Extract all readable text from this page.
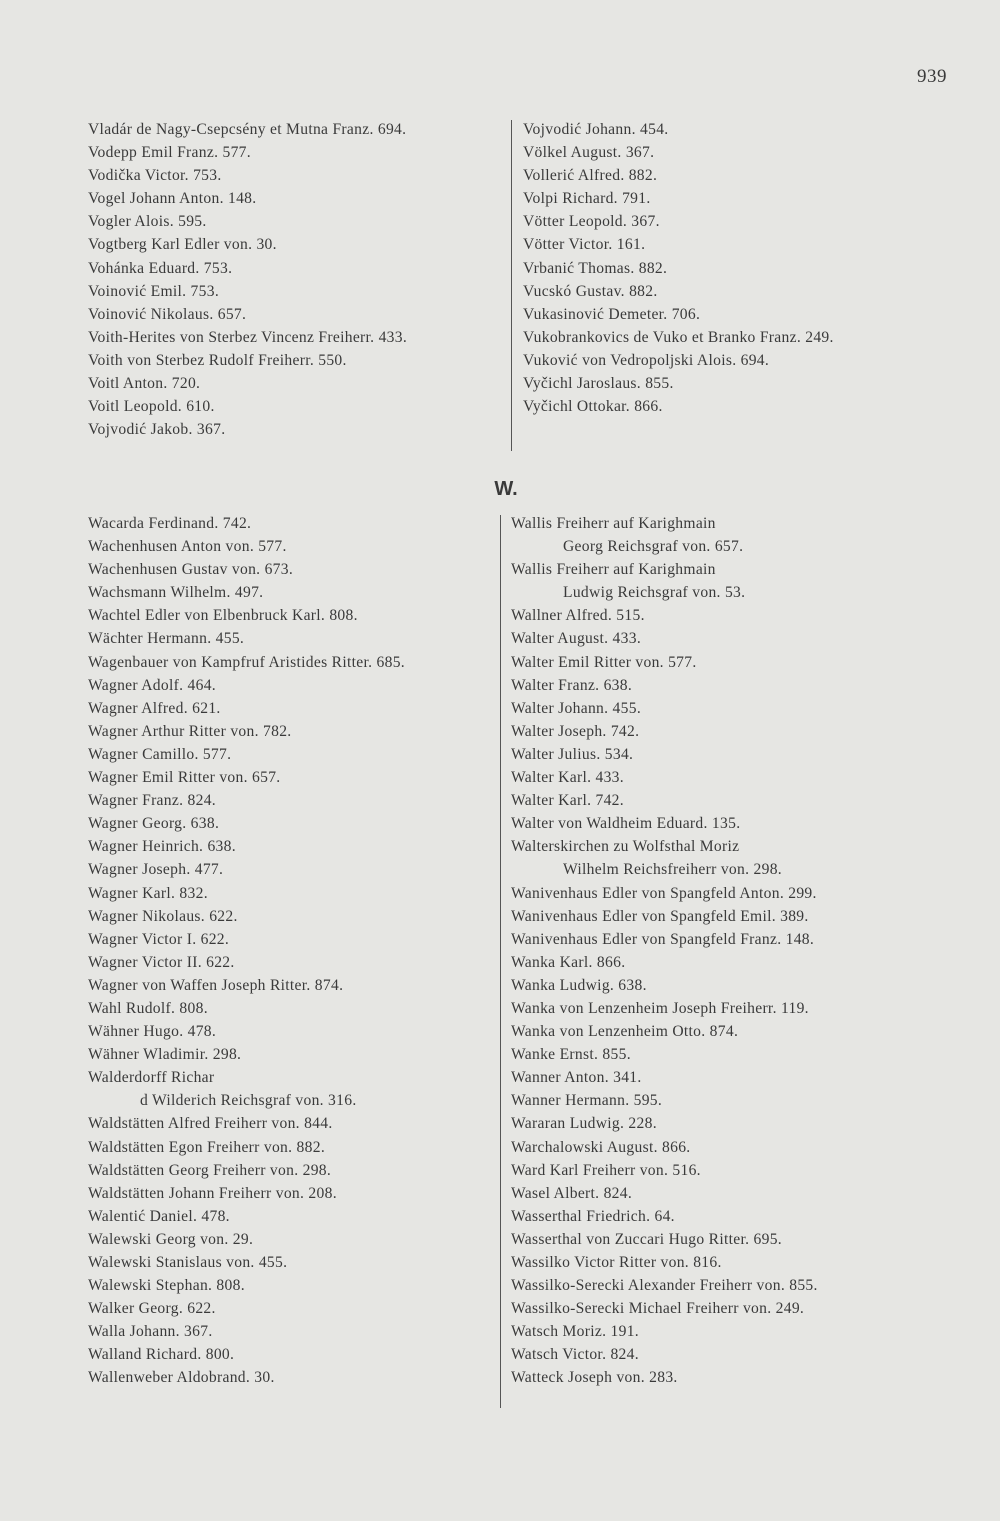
939
Vladár de Nagy-Csepcsény et Mutna Franz. 694.
Vodepp Emil Franz. 577.
Vodička Victor. 753.
Vogel Johann Anton. 148.
Vogler Alois. 595.
Vogtberg Karl Edler von. 30.
Vohánka Eduard. 753.
Voinović Emil. 753.
Voinović Nikolaus. 657.
Voith-Herites von Sterbez Vincenz Freiherr. 433.
Voith von Sterbez Rudolf Freiherr. 550.
Voitl Anton. 720.
Voitl Leopold. 610.
Vojvodić Jakob. 367.
Vojvodić Johann. 454.
Völkel August. 367.
Vollerić Alfred. 882.
Volpi Richard. 791.
Vötter Leopold. 367.
Vötter Victor. 161.
Vrbanić Thomas. 882.
Vucskó Gustav. 882.
Vukasinović Demeter. 706.
Vukobrankovics de Vuko et Branko Franz. 249.
Vuković von Vedropoljski Alois. 694.
Vyčichl Jaroslaus. 855.
Vyčichl Ottokar. 866.
W.
Wacarda Ferdinand. 742.
Wachenhusen Anton von. 577.
Wachenhusen Gustav von. 673.
Wachsmann Wilhelm. 497.
Wachtel Edler von Elbenbruck Karl. 808.
Wächter Hermann. 455.
Wagenbauer von Kampfruf Aristides Ritter. 685.
Wagner Adolf. 464.
Wagner Alfred. 621.
Wagner Arthur Ritter von. 782.
Wagner Camillo. 577.
Wagner Emil Ritter von. 657.
Wagner Franz. 824.
Wagner Georg. 638.
Wagner Heinrich. 638.
Wagner Joseph. 477.
Wagner Karl. 832.
Wagner Nikolaus. 622.
Wagner Victor I. 622.
Wagner Victor II. 622.
Wagner von Waffen Joseph Ritter. 874.
Wahl Rudolf. 808.
Wähner Hugo. 478.
Wähner Wladimir. 298.
Walderdorff Richar
d Wilderich Reichsgraf von. 316.
Waldstätten Alfred Freiherr von. 844.
Waldstätten Egon Freiherr von. 882.
Waldstätten Georg Freiherr von. 298.
Waldstätten Johann Freiherr von. 208.
Walentić Daniel. 478.
Walewski Georg von. 29.
Walewski Stanislaus von. 455.
Walewski Stephan. 808.
Walker Georg. 622.
Walla Johann. 367.
Walland Richard. 800.
Wallenweber Aldobrand. 30.
Wallis Freiherr auf Karighmain
Georg Reichsgraf von. 657.
Wallis Freiherr auf Karighmain
Ludwig Reichsgraf von. 53.
Wallner Alfred. 515.
Walter August. 433.
Walter Emil Ritter von. 577.
Walter Franz. 638.
Walter Johann. 455.
Walter Joseph. 742.
Walter Julius. 534.
Walter Karl. 433.
Walter Karl. 742.
Walter von Waldheim Eduard. 135.
Walterskirchen zu Wolfsthal Moriz
Wilhelm Reichsfreiherr von. 298.
Wanivenhaus Edler von Spangfeld Anton. 299.
Wanivenhaus Edler von Spangfeld Emil. 389.
Wanivenhaus Edler von Spangfeld Franz. 148.
Wanka Karl. 866.
Wanka Ludwig. 638.
Wanka von Lenzenheim Joseph Freiherr. 119.
Wanka von Lenzenheim Otto. 874.
Wanke Ernst. 855.
Wanner Anton. 341.
Wanner Hermann. 595.
Wararan Ludwig. 228.
Warchalowski August. 866.
Ward Karl Freiherr von. 516.
Wasel Albert. 824.
Wasserthal Friedrich. 64.
Wasserthal von Zuccari Hugo Ritter. 695.
Wassilko Victor Ritter von. 816.
Wassilko-Serecki Alexander Freiherr von. 855.
Wassilko-Serecki Michael Freiherr von. 249.
Watsch Moriz. 191.
Watsch Victor. 824.
Watteck Joseph von. 283.
